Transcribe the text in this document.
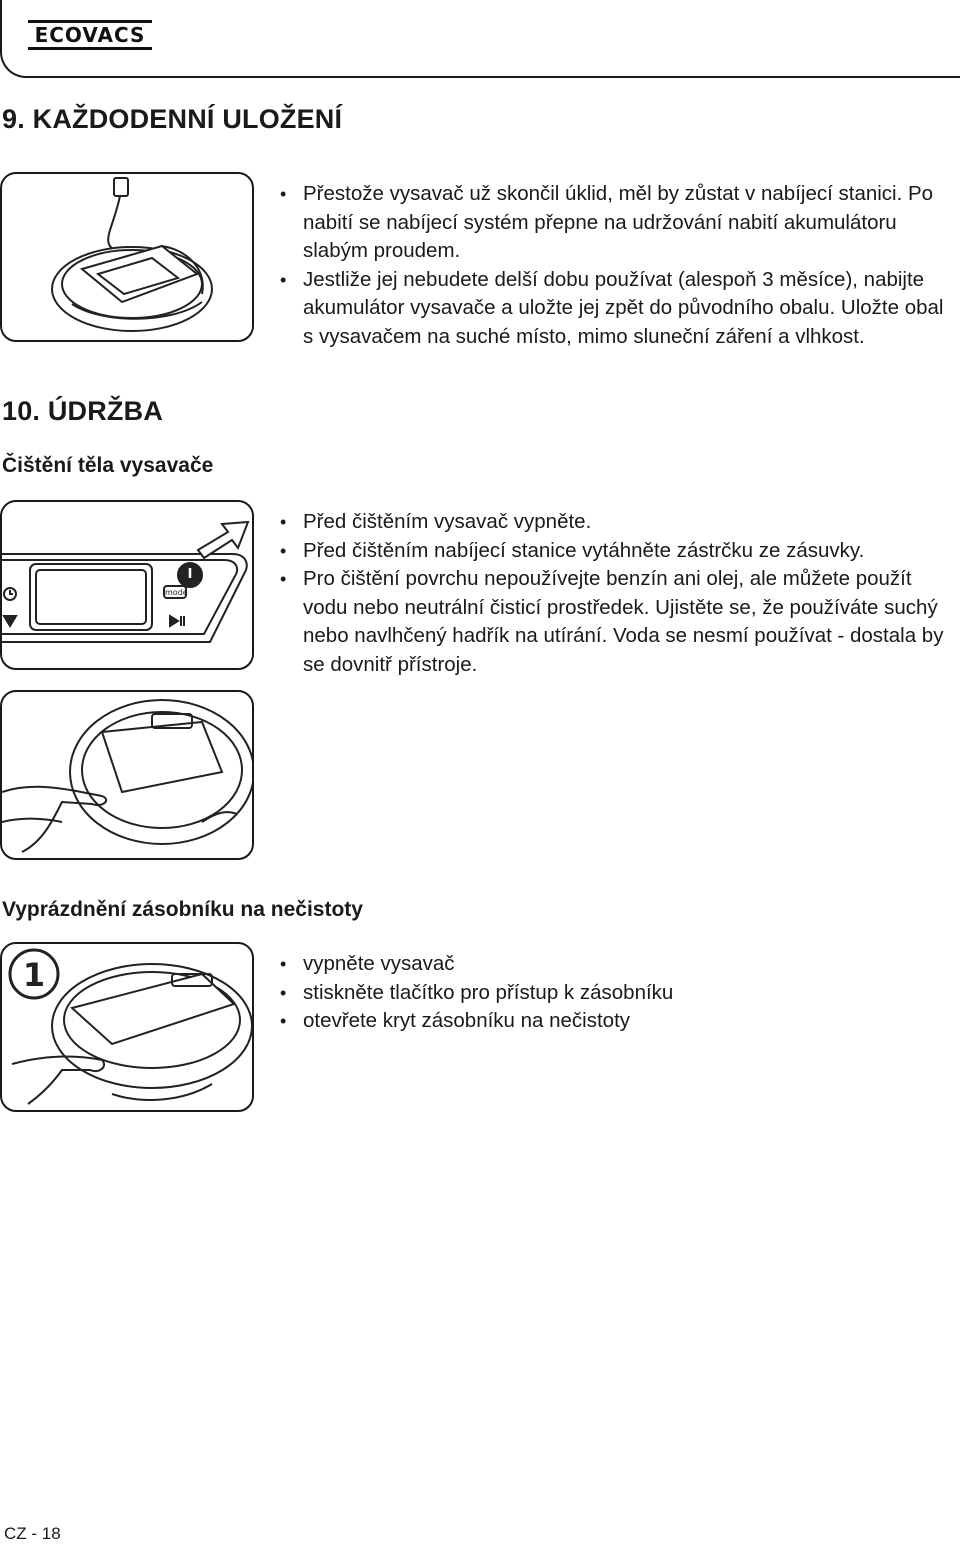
ECOVACS
9. KAŽDODENNÍ ULOŽENÍ
• Přestože vysavač už skončil úklid, měl by zůstat v nabíjecí stanici. Po nabití se nabíjecí systém přepne na udržování nabití akumulátoru slabým proudem.
• Jestliže jej nebudete delší dobu používat (alespoň 3 měsíce), nabijte akumulátor vysavače a uložte jej zpět do původního obalu. Uložte obal s vysavačem na suché místo, mimo sluneční záření a vlhkost.
10. ÚDRŽBA
Čištění těla vysavače
mode
• Před čištěním vysavač vypněte.
• Před čištěním nabíjecí stanice vytáhněte zástrčku ze zásuvky.
• Pro čištění povrchu nepoužívejte benzín ani olej, ale můžete použít vodu nebo neutrální čisticí prostředek. Ujistěte se, že používáte suchý nebo navlhčený hadřík na utírání. Voda se nesmí používat - dostala by se dovnitř přístroje.
Vyprázdnění zásobníku na nečistoty
1
•	vypněte vysavač
• stiskněte tlačítko pro přístup k zásobníku
• otevřete kryt zásobníku na nečistoty
CZ - 18
